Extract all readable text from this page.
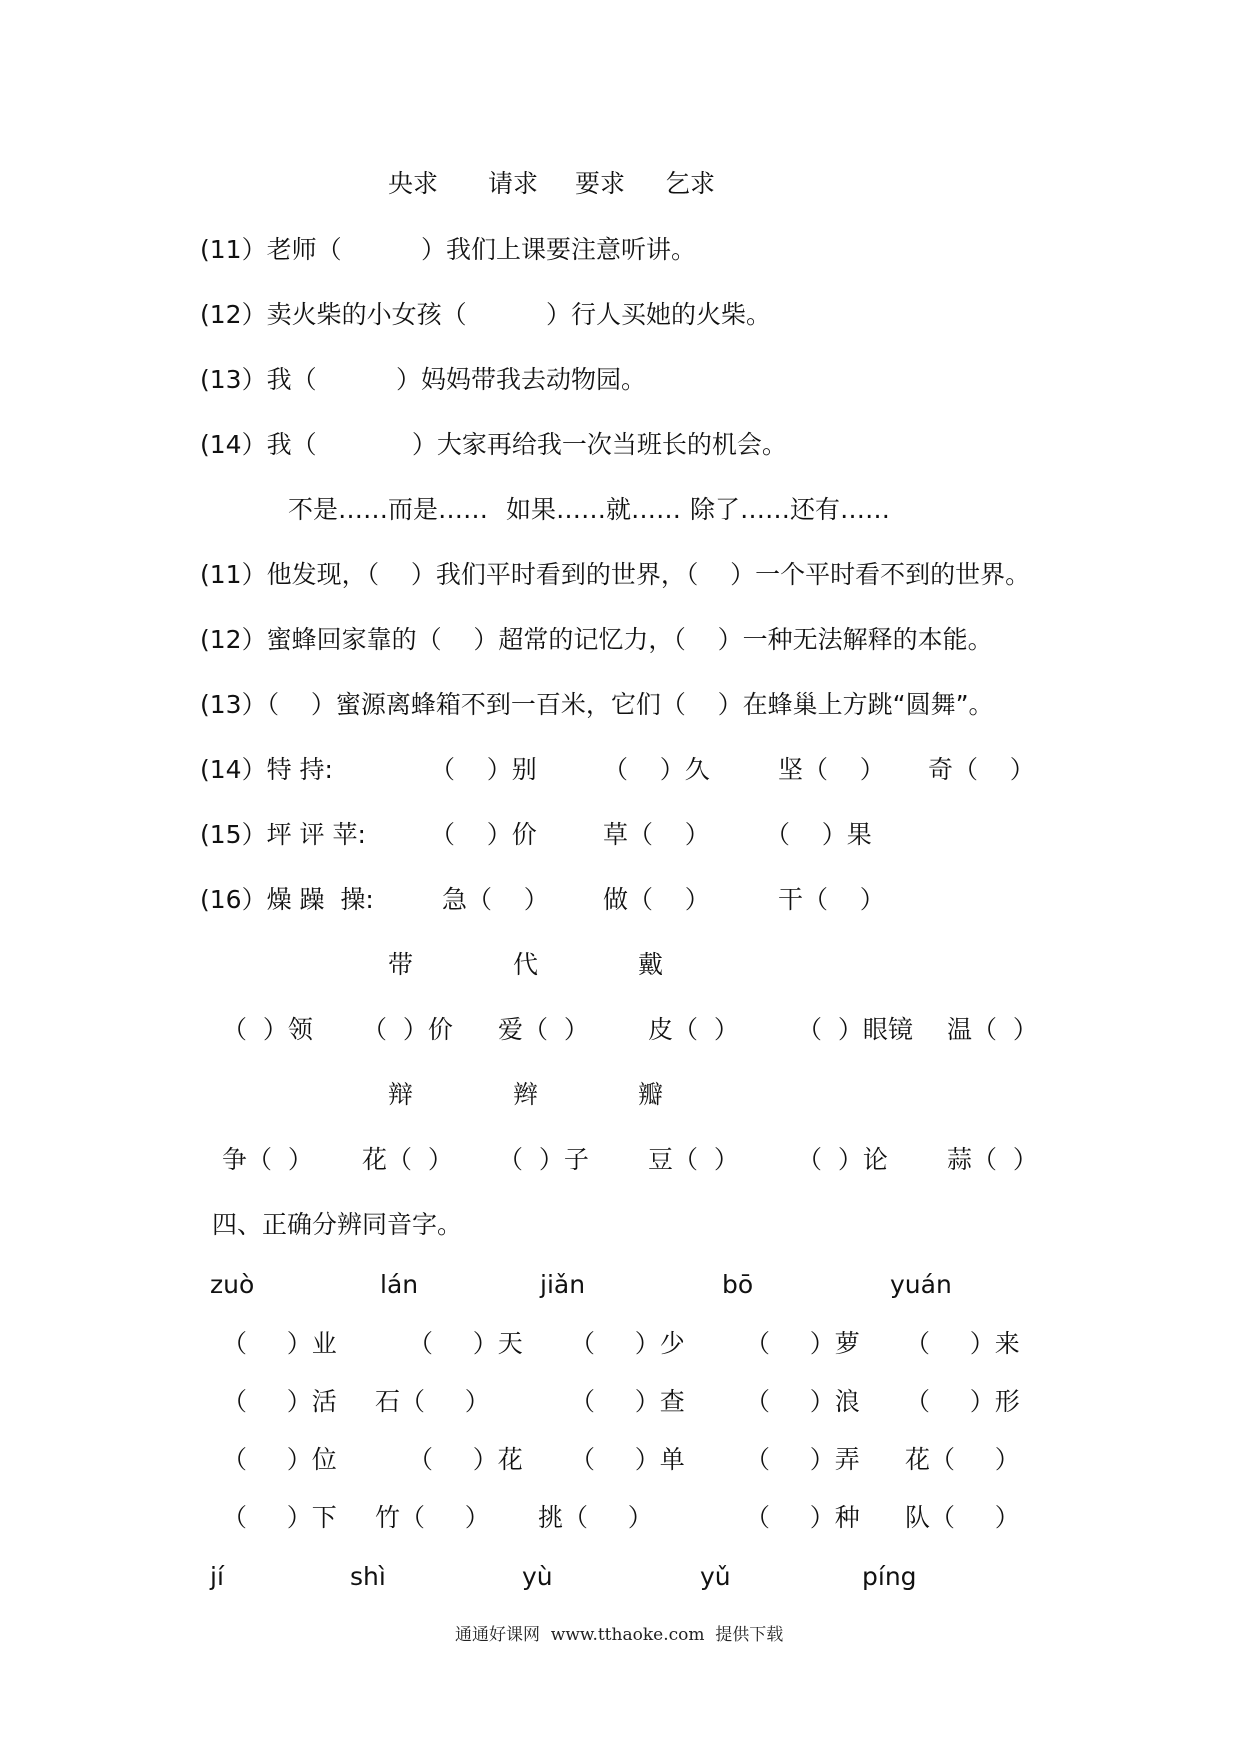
央求 请求 要求 乞求
(11）老师（          ）我们上课要注意听讲。
(12）卖火柴的小女孩（          ）行人买她的火柴。
(13）我（          ）妈妈带我去动物园。
(14）我（            ）大家再给我一次当班长的机会。
不是……而是…… 如果……就…… 除了……还有……
(11）他发现，（    ）我们平时看到的世界，（    ）一个平时看不到的世界。
(12）蜜蜂回家靠的（    ）超常的记忆力，（    ）一种无法解释的本能。
(13）（    ）蜜源离蜂箱不到一百米，它们（    ）在蜂巢上方跳“圆舞”。
(14）特 持:	（    ）别	（    ）久	坚（    ） 奇（    ）
(15）坪 评 苹:	（    ）价	草（    ） （    ）果
(16）燥 躁  操:	急（    ） 做（    ）	干（    ）
带	代	戴
（  ）领 （  ）价 爱（  ） 皮（  ） （  ）眼镜 温（  ）
辩	辫	瓣
争（  ） 花（  ） （  ）子 豆（  ） （  ）论 蒜（  ）
四、正确分辨同音字。
zuò	lán	jiǎn	bō	yuán
（     ）业	（     ）天 （     ）少 （     ）萝 （     ）来
（     ）活 石（     ）	（     ）查 （     ）浪 （     ）形
（     ）位	（     ）花 （     ）单 （     ）弄 花（     ）
（     ）下 竹（     ） 挑（     ）	（     ）种 队（     ）
jí	shì	yù	yǔ	píng
通通好课网  www.tthaoke.com  提供下载
